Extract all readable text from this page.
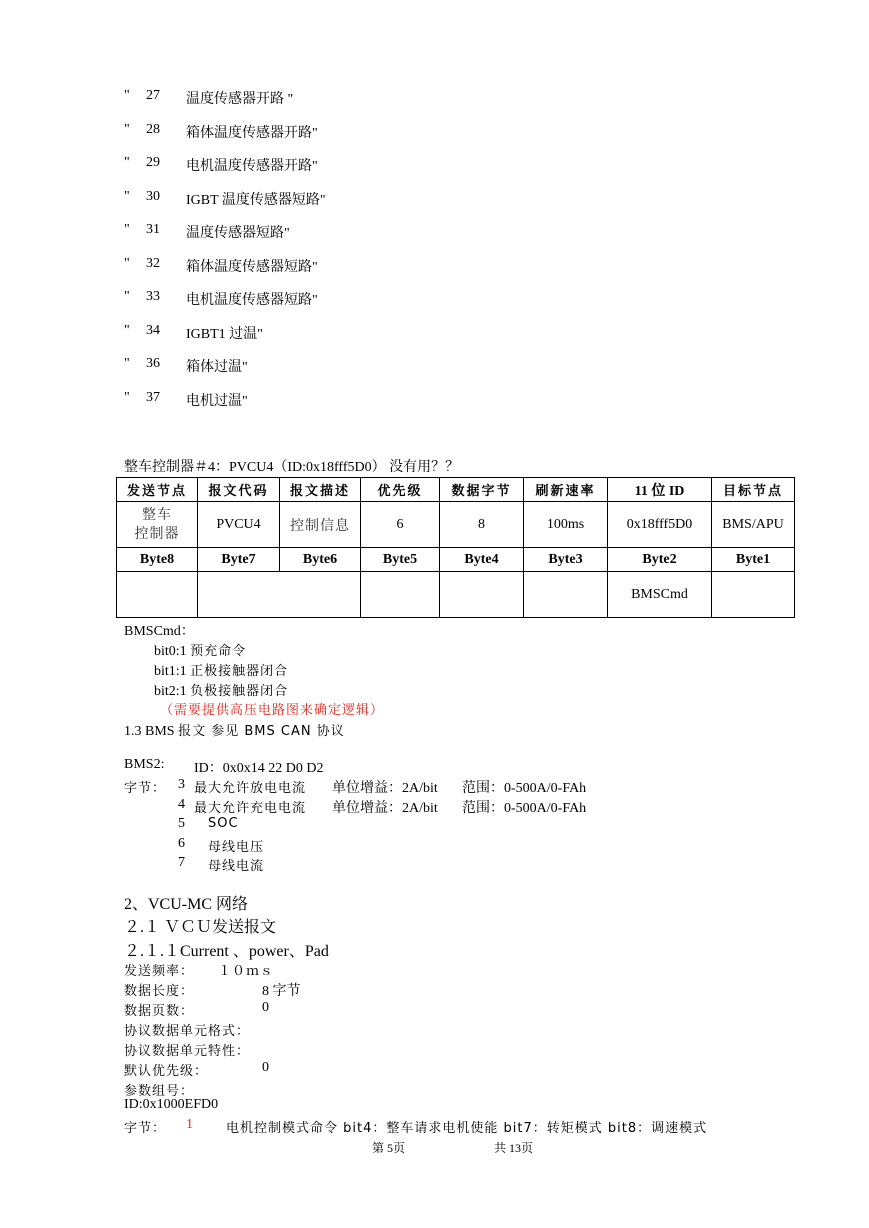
" 27 温度传感器开路 "
" 28 箱体温度传感器开路"
" 29 电机温度传感器开路"
" 30 IGBT 温度传感器短路"
" 31 温度传感器短路"
" 32 箱体温度传感器短路"
" 33 电机温度传感器短路"
" 34 IGBT1 过温"
" 36 箱体过温"
" 37 电机过温"
整车控制器＃4：PVCU4（ID:0x18fff5D0） 没有用？？
发送节点	报文代码	报文描述	优先级	数据字节	刷新速率	11 位 ID	目标节点
整车
控制器	PVCU4	控制信息	6	8	100ms	0x18fff5D0	BMS/APU
Byte8	Byte7	Byte6	Byte5	Byte4	Byte3	Byte2	Byte1
						BMSCmd	
BMSCmd：
bit0:1 预充命令
bit1:1 正极接触器闭合
bit2:1 负极接触器闭合
（需要提供高压电路图来确定逻辑）
1.3 BMS 报文 参见 BMS CAN 协议
BMS2: ID：0x0x14 22 D0 D2
字节： 3 最大允许放电电流 单位增益：2A/bit 范围：0-500A/0-FAh
4 最大允许充电电流 单位增益：2A/bit 范围：0-500A/0-FAh
5 SOC
6 母线电压
7 母线电流
2、VCU-MC 网络
２.１ ＶＣＵ发送报文
２.１.１Current 、power、Pad
发送频率： １０ｍｓ
数据长度：	8 字节
数据页数：	0
协议数据单元格式：
协议数据单元特性：
默认优先级：	0
参数组号：
ID:0x1000EFD0
字节： 1	电机控制模式命令 bit4：整车请求电机使能 bit7：转矩模式 bit8：调速模式
第 5页	共 13页
